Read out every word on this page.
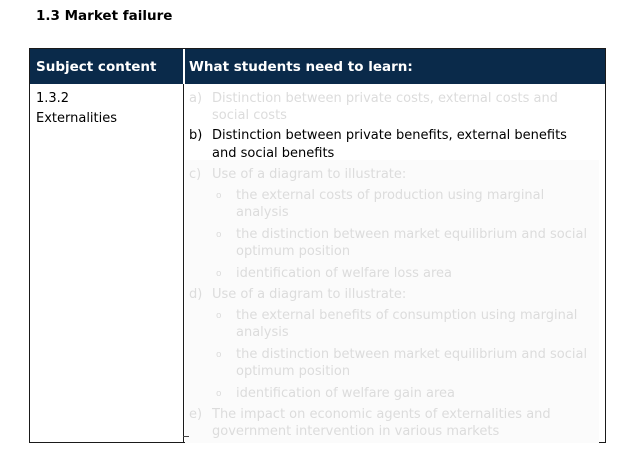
1.3 Market failure
Subject content What students need to learn:
1.3.2
Externalities
a) Distinction between private costs, external costs and
social costs
b) Distinction between private benefits, external benefits
and social benefits
c) Use of a diagram to illustrate:
o the external costs of production using marginal
analysis
o the distinction between market equilibrium and social
optimum position
o identification of welfare loss area
d) Use of a diagram to illustrate:
o the external benefits of consumption using marginal
analysis
o the distinction between market equilibrium and social
optimum position
o identification of welfare gain area
e) The impact on economic agents of externalities and
government intervention in various markets
